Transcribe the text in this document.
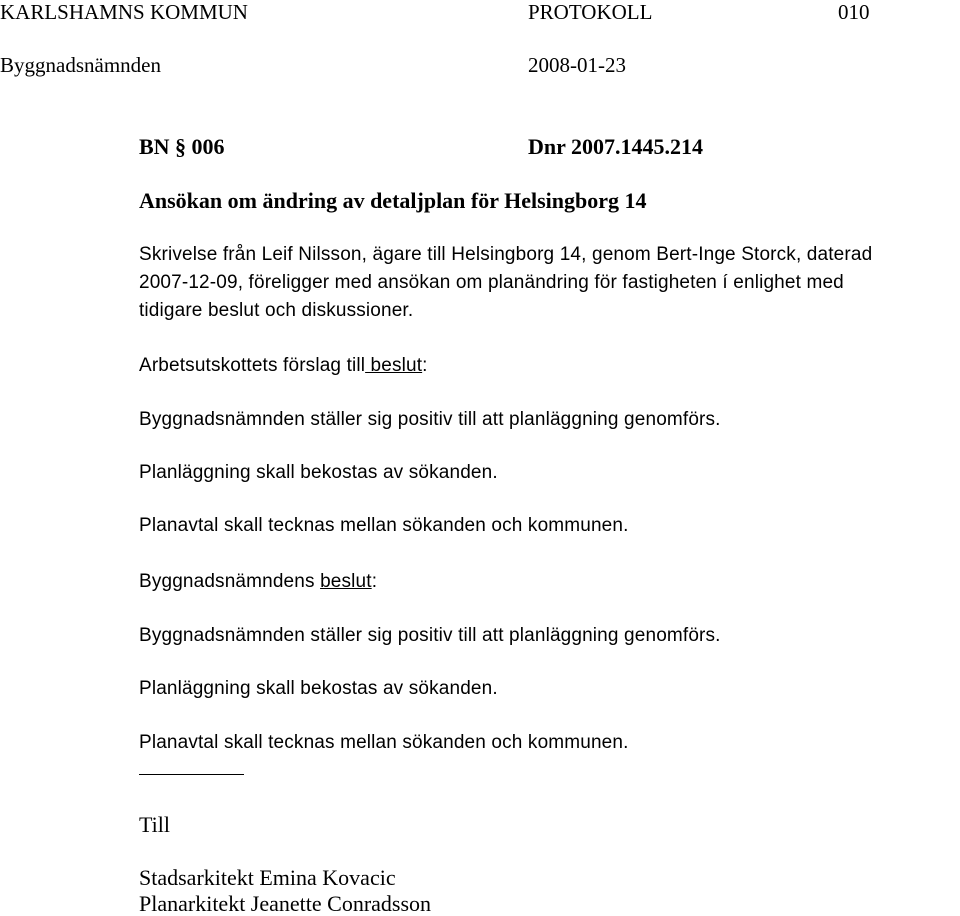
KARLSHAMNS KOMMUN	PROTOKOLL	010
Byggnadsnämnden	2008-01-23
BN § 006	Dnr 2007.1445.214
Ansökan om ändring av detaljplan för Helsingborg 14
Skrivelse från Leif Nilsson, ägare till Helsingborg 14, genom Bert-Inge Storck, daterad
2007-12-09, föreligger med ansökan om planändring för fastigheten í enlighet med
tidigare beslut och diskussioner.
Arbetsutskottets förslag till beslut:
Byggnadsnämnden ställer sig positiv till att planläggning genomförs.
Planläggning skall bekostas av sökanden.
Planavtal skall tecknas mellan sökanden och kommunen.
Byggnadsnämndens beslut:
Byggnadsnämnden ställer sig positiv till att planläggning genomförs.
Planläggning skall bekostas av sökanden.
Planavtal skall tecknas mellan sökanden och kommunen.
Till
Stadsarkitekt Emina Kovacic
Planarkitekt Jeanette Conradsson
